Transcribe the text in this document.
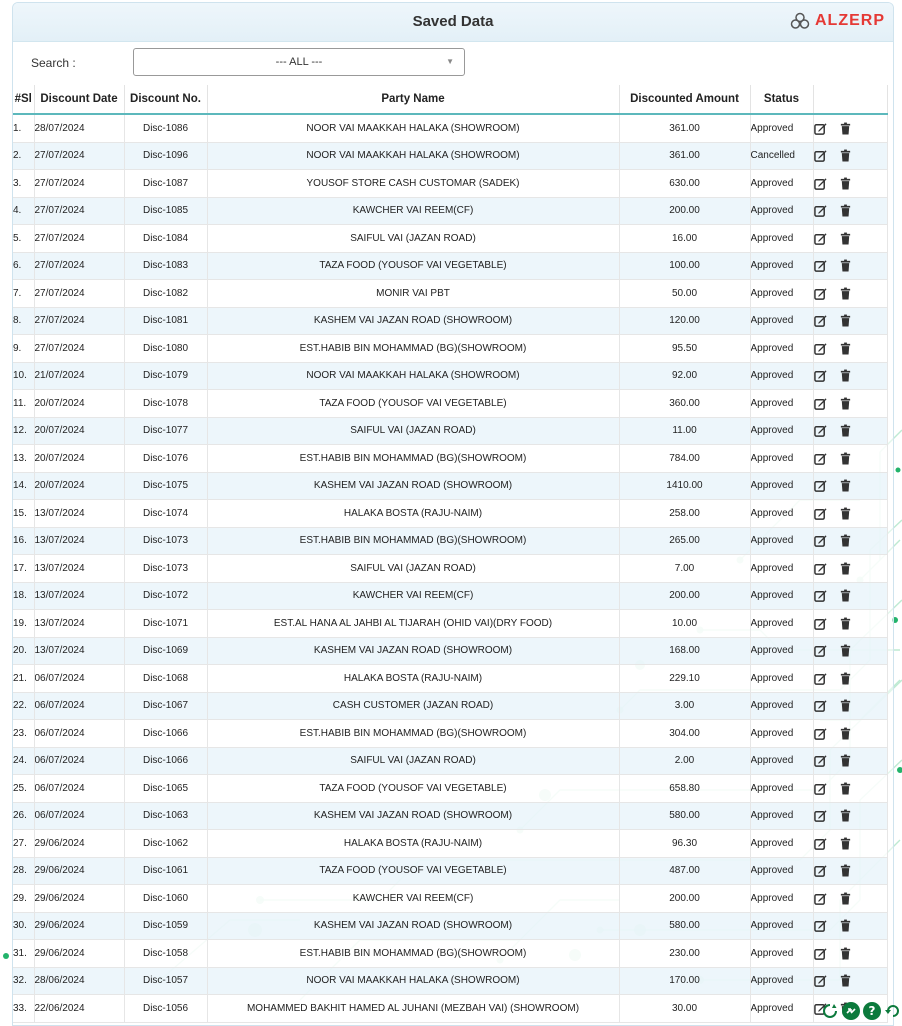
Saved Data	ALZERP
Search :	--- ALL ---	▼
#Sl	Discount Date	Discount No.	Party Name	Discounted Amount	Status	
1.	28/07/2024	Disc-1086	NOOR VAI MAAKKAH HALAKA (SHOWROOM)	361.00	Approved	
2.	27/07/2024	Disc-1096	NOOR VAI MAAKKAH HALAKA (SHOWROOM)	361.00	Cancelled	
3.	27/07/2024	Disc-1087	YOUSOF STORE CASH CUSTOMAR (SADEK)	630.00	Approved	
4.	27/07/2024	Disc-1085	KAWCHER VAI REEM(CF)	200.00	Approved	
5.	27/07/2024	Disc-1084	SAIFUL VAI (JAZAN ROAD)	16.00	Approved	
6.	27/07/2024	Disc-1083	TAZA FOOD (YOUSOF VAI VEGETABLE)	100.00	Approved	
7.	27/07/2024	Disc-1082	MONIR VAI PBT	50.00	Approved	
8.	27/07/2024	Disc-1081	KASHEM VAI JAZAN ROAD (SHOWROOM)	120.00	Approved	
9.	27/07/2024	Disc-1080	EST.HABIB BIN MOHAMMAD (BG)(SHOWROOM)	95.50	Approved	
10.	21/07/2024	Disc-1079	NOOR VAI MAAKKAH HALAKA (SHOWROOM)	92.00	Approved	
11.	20/07/2024	Disc-1078	TAZA FOOD (YOUSOF VAI VEGETABLE)	360.00	Approved	
12.	20/07/2024	Disc-1077	SAIFUL VAI (JAZAN ROAD)	11.00	Approved	
13.	20/07/2024	Disc-1076	EST.HABIB BIN MOHAMMAD (BG)(SHOWROOM)	784.00	Approved	
14.	20/07/2024	Disc-1075	KASHEM VAI JAZAN ROAD (SHOWROOM)	1410.00	Approved	
15.	13/07/2024	Disc-1074	HALAKA BOSTA (RAJU-NAIM)	258.00	Approved	
16.	13/07/2024	Disc-1073	EST.HABIB BIN MOHAMMAD (BG)(SHOWROOM)	265.00	Approved	
17.	13/07/2024	Disc-1073	SAIFUL VAI (JAZAN ROAD)	7.00	Approved	
18.	13/07/2024	Disc-1072	KAWCHER VAI REEM(CF)	200.00	Approved	
19.	13/07/2024	Disc-1071	EST.AL HANA AL JAHBI AL TIJARAH (OHID VAI)(DRY FOOD)	10.00	Approved	
20.	13/07/2024	Disc-1069	KASHEM VAI JAZAN ROAD (SHOWROOM)	168.00	Approved	
21.	06/07/2024	Disc-1068	HALAKA BOSTA (RAJU-NAIM)	229.10	Approved	
22.	06/07/2024	Disc-1067	CASH CUSTOMER (JAZAN ROAD)	3.00	Approved	
23.	06/07/2024	Disc-1066	EST.HABIB BIN MOHAMMAD (BG)(SHOWROOM)	304.00	Approved	
24.	06/07/2024	Disc-1066	SAIFUL VAI (JAZAN ROAD)	2.00	Approved	
25.	06/07/2024	Disc-1065	TAZA FOOD (YOUSOF VAI VEGETABLE)	658.80	Approved	
26.	06/07/2024	Disc-1063	KASHEM VAI JAZAN ROAD (SHOWROOM)	580.00	Approved	
27.	29/06/2024	Disc-1062	HALAKA BOSTA (RAJU-NAIM)	96.30	Approved	
28.	29/06/2024	Disc-1061	TAZA FOOD (YOUSOF VAI VEGETABLE)	487.00	Approved	
29.	29/06/2024	Disc-1060	KAWCHER VAI REEM(CF)	200.00	Approved	
30.	29/06/2024	Disc-1059	KASHEM VAI JAZAN ROAD (SHOWROOM)	580.00	Approved	
31.	29/06/2024	Disc-1058	EST.HABIB BIN MOHAMMAD (BG)(SHOWROOM)	230.00	Approved	
32.	28/06/2024	Disc-1057	NOOR VAI MAAKKAH HALAKA (SHOWROOM)	170.00	Approved	
33.	22/06/2024	Disc-1056	MOHAMMED BAKHIT HAMED AL JUHANI (MEZBAH VAI) (SHOWROOM)	30.00	Approved		?
